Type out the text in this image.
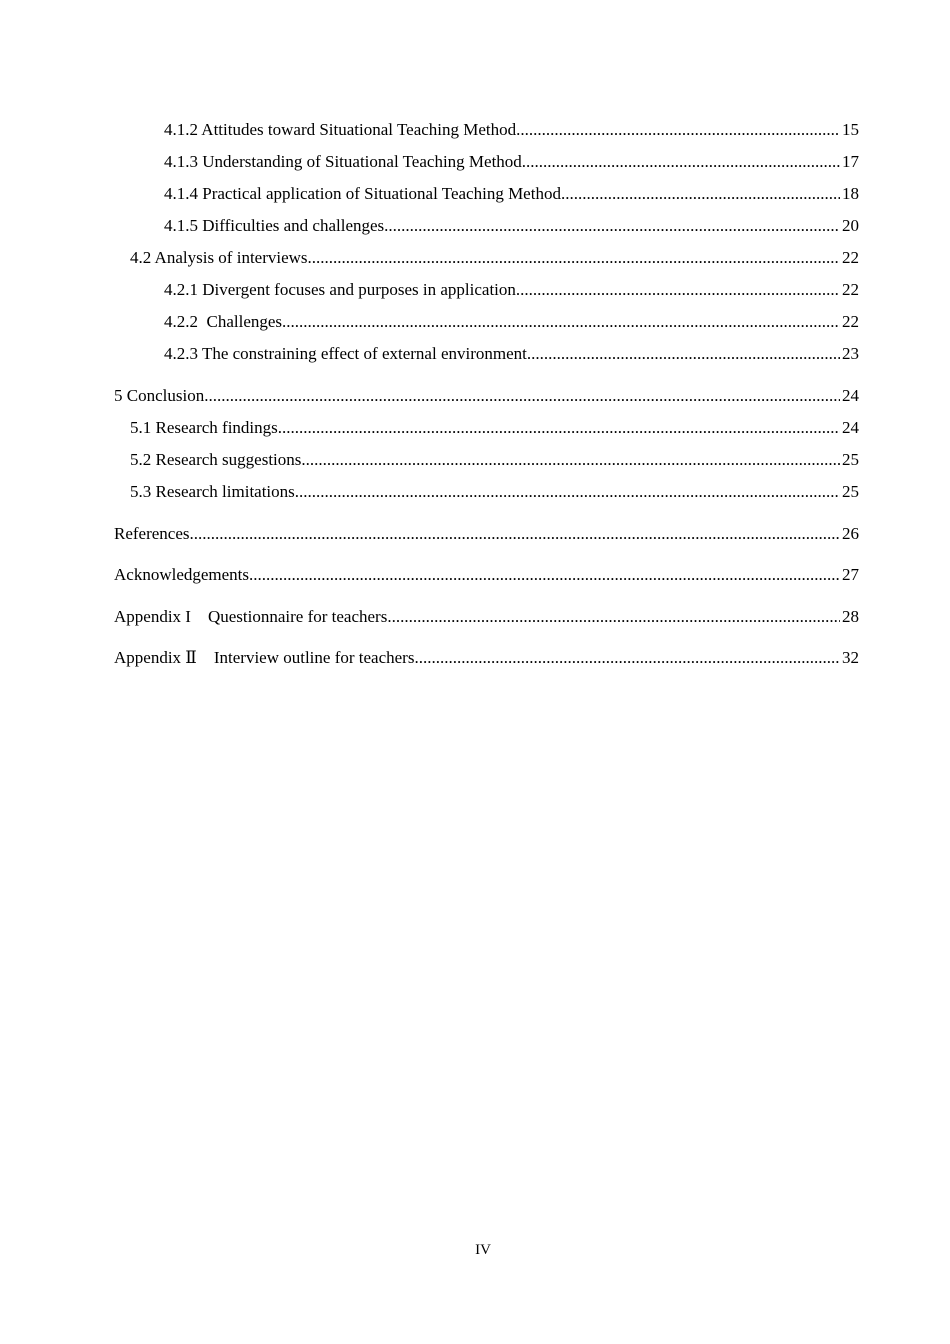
4.1.2 Attitudes toward Situational Teaching Method .....	15
4.1.3 Understanding of Situational Teaching Method .....	17
4.1.4 Practical application of Situational Teaching Method .....	18
4.1.5 Difficulties and challenges .....	20
4.2 Analysis of interviews .....	22
4.2.1 Divergent focuses and purposes in application .....	22
4.2.2  Challenges .....	22
4.2.3 The constraining effect of external environment .....	23
5 Conclusion .....	24
5.1 Research findings .....	24
5.2 Research suggestions .....	25
5.3 Research limitations .....	25
References .....	26
Acknowledgements .....	27
Appendix I　Questionnaire for teachers .....	28
Appendix Ⅱ　Interview outline for teachers .....	32
IV
